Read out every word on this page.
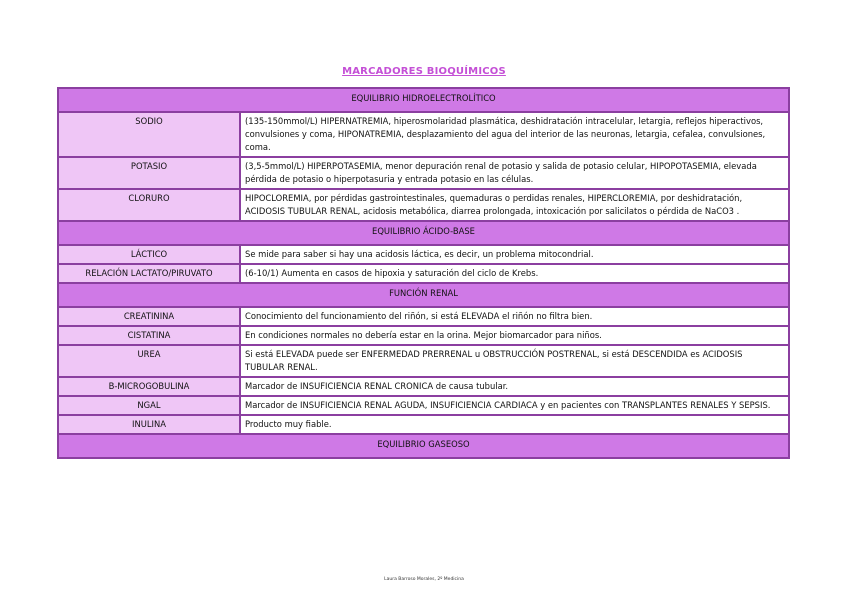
MARCADORES BIOQUÍMICOS
EQUILIBRIO HIDROELECTROLÍTICO	
SODIO	(135-150mmol/L) HIPERNATREMIA, hiperosmolaridad plasmática, deshidratación intracelular, letargia, reflejos hiperactivos, convulsiones y coma, HIPONATREMIA, desplazamiento del agua del interior de las neuronas, letargia, cefalea, convulsiones, coma.
POTASIO	(3,5-5mmol/L) HIPERPOTASEMIA, menor depuración renal de potasio y salida de potasio celular, HIPOPOTASEMIA, elevada pérdida de potasio o hiperpotasuria y entrada potasio en las células.
CLORURO	HIPOCLOREMIA, por pérdidas gastrointestinales, quemaduras o perdidas renales, HIPERCLOREMIA, por deshidratación, ACIDOSIS TUBULAR RENAL, acidosis metabólica, diarrea prolongada, intoxicación por salicilatos o pérdida de NaCO3 .
EQUILIBRIO ÁCIDO-BASE	
LÁCTICO	Se mide para saber si hay una acidosis láctica, es decir, un problema mitocondrial.
RELACIÓN LACTATO/PIRUVATO	(6-10/1) Aumenta en casos de hipoxia y saturación del ciclo de Krebs.
FUNCIÓN RENAL	
CREATININA	Conocimiento del funcionamiento del riñón, si está ELEVADA el riñón no filtra bien.
CISTATINA	En condiciones normales no debería estar en la orina. Mejor biomarcador para niños.
UREA	Si está ELEVADA puede ser ENFERMEDAD PRERRENAL u OBSTRUCCIÓN POSTRENAL, si está DESCENDIDA es ACIDOSIS TUBULAR RENAL.
B-MICROGOBULINA	Marcador de INSUFICIENCIA RENAL CRONICA de causa tubular.
NGAL	Marcador de INSUFICIENCIA RENAL AGUDA, INSUFICIENCIA CARDIACA y en pacientes con TRANSPLANTES RENALES Y SEPSIS.
INULINA	Producto muy fiable.
EQUILIBRIO GASEOSO	
Laura Barroso Morales, 2º Medicina
